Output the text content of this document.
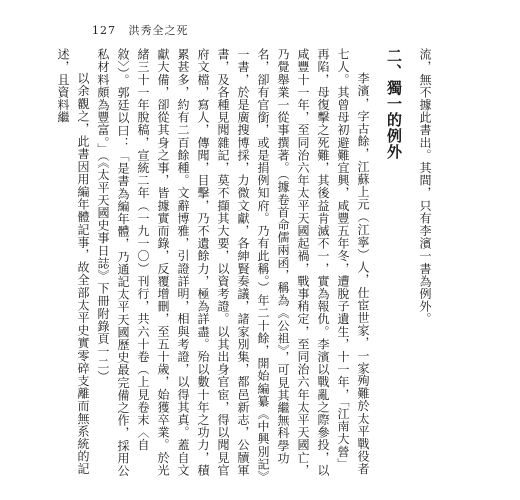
127 洪秀全之死

流，無不據此書出。其間，只有李濱一書為例外。

二、獨一的例外

李濱，字古餘，江蘇上元（江寧）人，仕宦世家，一家殉難於太平戰役者七人。其曾母初避難宜興，咸豐五年冬，遭脫子遺生，十一年，「江南大營」再陷，母復擊之死難，其後益肯滅不一，實為報仇。李濱以戰亂之際參投，以咸豐十一年，至同治六年太平天國起禍，戰事稍定，至同治六年太平天國亡，乃覺舉業一從事撰著。（據卷首命儒兩函，稱為《公祖》，可見其繼無科學功名，卻有官銜，或是捐例知府。乃有此稱。）年二十餘，開始編纂《中興別記》一書，於是廣搜博採，力微文獻，各紳賢奏議，諸家別集，都邑新志，公牘軍書，及各種見聞雜記，莫不擷其大要，以資考證。以其出身官宦，得以聞見官府文檔，寫人，傳聞，目擊，乃不遺餘力，極為詳盡。殆以數十年之功力，積累甚多，約有二百餘種。文辭博雅，引證詳明，相與考證，以得其真。蓋自文獻大備，卻從其身之事，皆據實而錄，反覆增刪，至五十歲，始獲卒業。於光緒三十一年脫稿，宣統二年（一九一〇）刊行，共六十卷（上見卷末〈自敘〉）。郭廷以曰：「是書為編年體，乃通記太平天國歷史最完備之作，採用公私材料頗為豐富。」（《太平天國史事日誌》下冊附錄頁一二）

以余觀之，此書因用編年體記事，故全部太平史實零碎支離而無系統的記述，且資料繼
